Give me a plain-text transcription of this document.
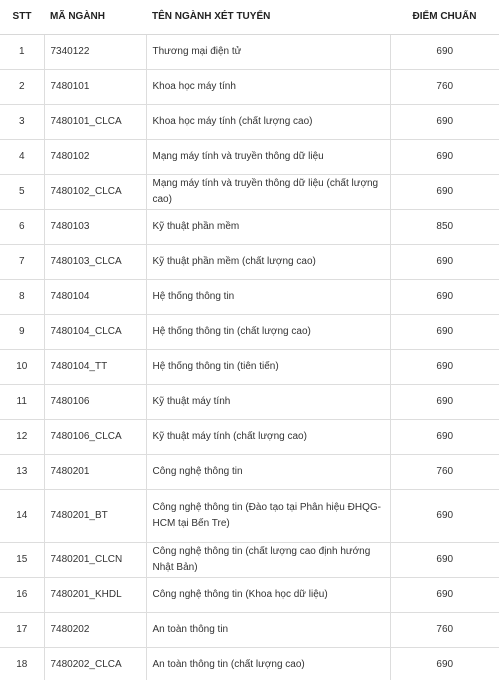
STT	MÃ NGÀNH	TÊN NGÀNH XÉT TUYỂN	ĐIỂM CHUẨN
1	7340122	Thương mại điện tử	690
2	7480101	Khoa học máy tính	760
3	7480101_CLCA	Khoa học máy tính (chất lượng cao)	690
4	7480102	Mạng máy tính và truyền thông dữ liệu	690
5	7480102_CLCA	Mạng máy tính và truyền thông dữ liệu (chất lượng cao)	690
6	7480103	Kỹ thuật phần mềm	850
7	7480103_CLCA	Kỹ thuật phần mềm (chất lượng cao)	690
8	7480104	Hệ thống thông tin	690
9	7480104_CLCA	Hệ thống thông tin (chất lượng cao)	690
10	7480104_TT	Hệ thống thông tin (tiên tiến)	690
11	7480106	Kỹ thuật máy tính	690
12	7480106_CLCA	Kỹ thuật máy tính (chất lượng cao)	690
13	7480201	Công nghệ thông tin	760
14	7480201_BT	Công nghệ thông tin (Đào tạo tại Phân hiệu ĐHQG-HCM tại Bến Tre)	690
15	7480201_CLCN	Công nghệ thông tin (chất lượng cao định hướng Nhật Bản)	690
16	7480201_KHDL	Công nghệ thông tin (Khoa học dữ liệu)	690
17	7480202	An toàn thông tin	760
18	7480202_CLCA	An toàn thông tin (chất lượng cao)	690
